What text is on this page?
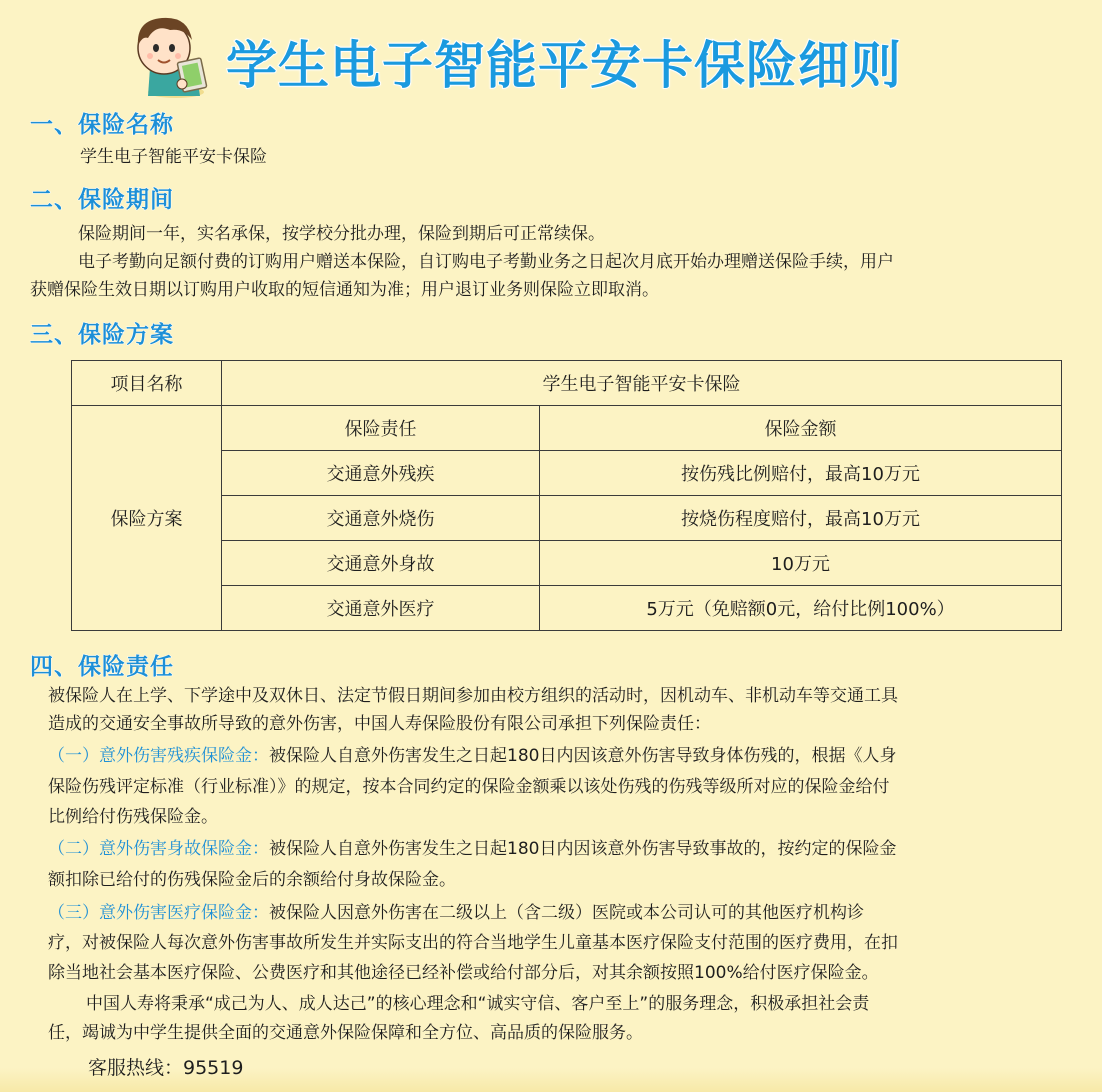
学生电子智能平安卡保险细则
一、保险名称

学生电子智能平安卡保险

二、保险期间

保险期间一年，实名承保，按学校分批办理，保险到期后可正常续保。

电子考勤向足额付费的订购用户赠送本保险，自订购电子考勤业务之日起次月底开始办理赠送保险手续，用户

获赠保险生效日期以订购用户收取的短信通知为准；用户退订业务则保险立即取消。

三、保险方案
项目名称	学生电子智能平安卡保险	
保险方案	保险责任	保险金额
	交通意外残疾	按伤残比例赔付，最高10万元
	交通意外烧伤	按烧伤程度赔付，最高10万元
	交通意外身故	10万元
	交通意外医疗	5万元（免赔额0元，给付比例100%）
四、保险责任

被保险人在上学、下学途中及双休日、法定节假日期间参加由校方组织的活动时，因机动车、非机动车等交通工具

造成的交通安全事故所导致的意外伤害，中国人寿保险股份有限公司承担下列保险责任：

（一）意外伤害残疾保险金：被保险人自意外伤害发生之日起180日内因该意外伤害导致身体伤残的，根据《人身

保险伤残评定标准（行业标准）》的规定，按本合同约定的保险金额乘以该处伤残的伤残等级所对应的保险金给付

比例给付伤残保险金。

（二）意外伤害身故保险金：被保险人自意外伤害发生之日起180日内因该意外伤害导致事故的，按约定的保险金

额扣除已给付的伤残保险金后的余额给付身故保险金。

（三）意外伤害医疗保险金：被保险人因意外伤害在二级以上（含二级）医院或本公司认可的其他医疗机构诊

疗，对被保险人每次意外伤害事故所发生并实际支出的符合当地学生儿童基本医疗保险支付范围的医疗费用，在扣

除当地社会基本医疗保险、公费医疗和其他途径已经补偿或给付部分后，对其余额按照100%给付医疗保险金。

中国人寿将秉承“成己为人、成人达己”的核心理念和“诚实守信、客户至上”的服务理念，积极承担社会责

任，竭诚为中学生提供全面的交通意外保险保障和全方位、高品质的保险服务。

客服热线：95519
